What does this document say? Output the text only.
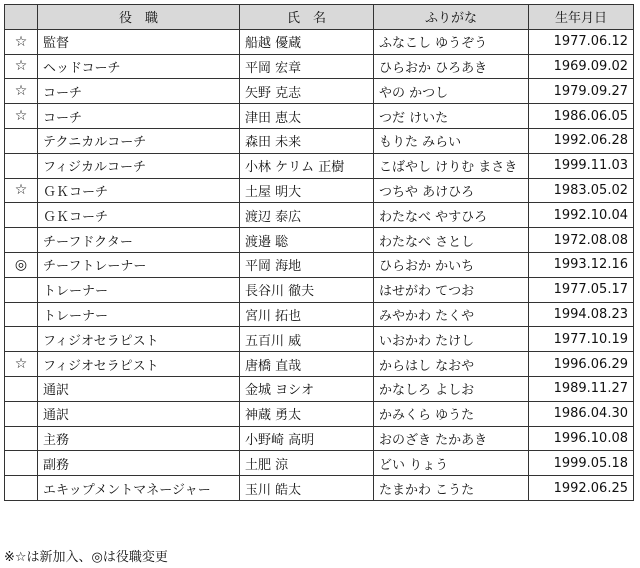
	役　職	氏　名	ふりがな	生年月日
☆	監督	船越 優蔵	ふなこし ゆうぞう	1977.06.12
☆	ヘッドコーチ	平岡 宏章	ひらおか ひろあき	1969.09.02
☆	コーチ	矢野 克志	やの かつし	1979.09.27
☆	コーチ	津田 恵太	つだ けいた	1986.06.05
	テクニカルコーチ	森田 未来	もりた みらい	1992.06.28
	フィジカルコーチ	小林 ケリム 正樹	こばやし けりむ まさき	1999.11.03
☆	ＧＫコーチ	土屋 明大	つちや あけひろ	1983.05.02
	ＧＫコーチ	渡辺 泰広	わたなべ やすひろ	1992.10.04
	チーフドクター	渡邉 聡	わたなべ さとし	1972.08.08
◎	チーフトレーナー	平岡 海地	ひらおか かいち	1993.12.16
	トレーナー	長谷川 徹夫	はせがわ てつお	1977.05.17
	トレーナー	宮川 拓也	みやかわ たくや	1994.08.23
	フィジオセラピスト	五百川 威	いおかわ たけし	1977.10.19
☆	フィジオセラピスト	唐橋 直哉	からはし なおや	1996.06.29
	通訳	金城 ヨシオ	かなしろ よしお	1989.11.27
	通訳	神蔵 勇太	かみくら ゆうた	1986.04.30
	主務	小野崎 高明	おのざき たかあき	1996.10.08
	副務	土肥 涼	どい りょう	1999.05.18
	エキップメントマネージャー	玉川 皓太	たまかわ こうた	1992.06.25
※☆は新加入、◎は役職変更
